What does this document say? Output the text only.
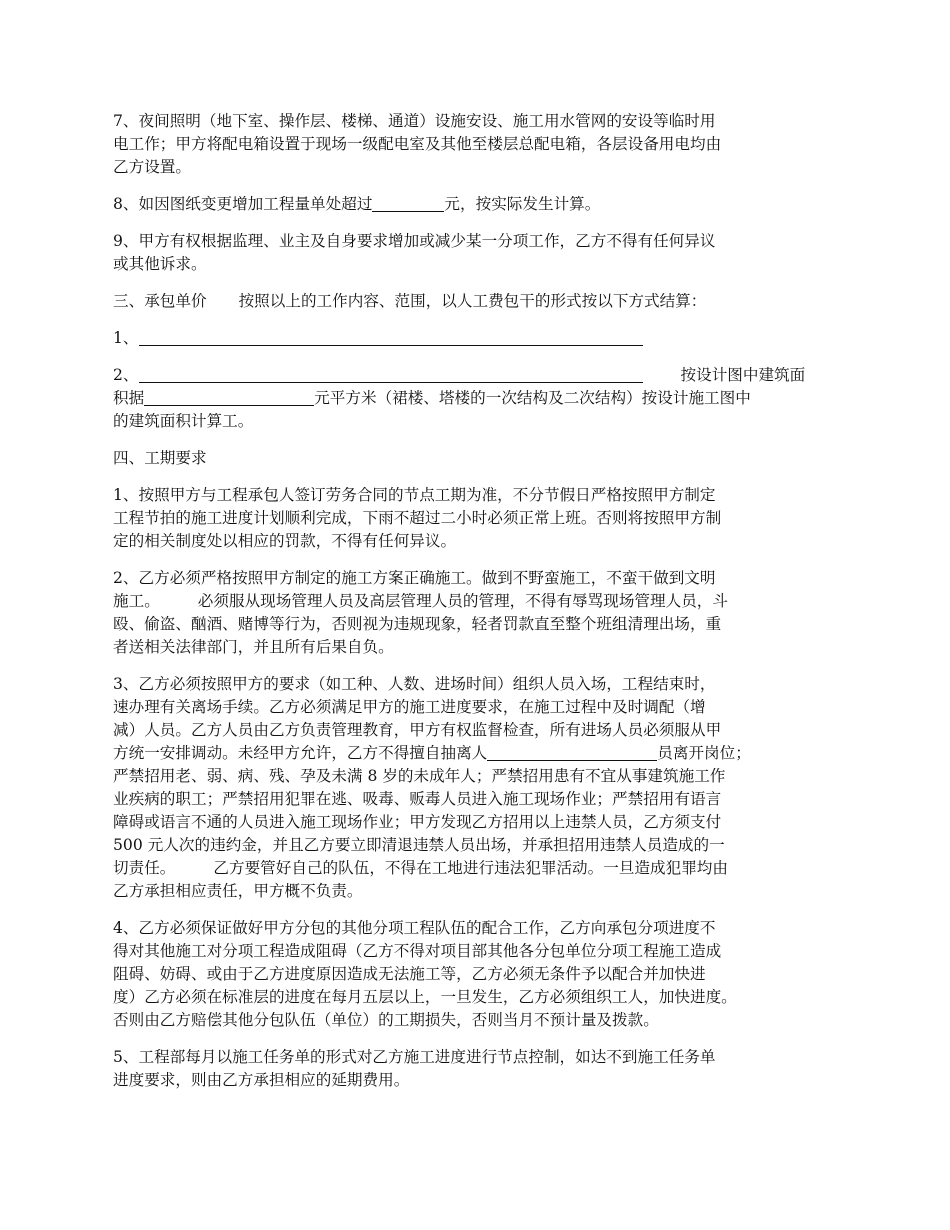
7、夜间照明（地下室、操作层、楼梯、通道）设施安设、施工用水管网的安设等临时用
电工作；甲方将配电箱设置于现场一级配电室及其他至楼层总配电箱，各层设备用电均由
乙方设置。
8、如因图纸变更增加工程量单处超过	元，按实际发生计算。
9、甲方有权根据监理、业主及自身要求增加或减少某一分项工作，乙方不得有任何异议
或其他诉求。
三、承包单价 按照以上的工作内容、范围，以人工费包干的形式按以下方式结算：
1、
2、	按设计图中建筑面
积据	元平方米（裙楼、塔楼的一次结构及二次结构）按设计施工图中
的建筑面积计算工。
四、工期要求
1、按照甲方与工程承包人签订劳务合同的节点工期为准，不分节假日严格按照甲方制定
工程节拍的施工进度计划顺利完成，下雨不超过二小时必须正常上班。否则将按照甲方制
定的相关制度处以相应的罚款，不得有任何异议。
2、乙方必须严格按照甲方制定的施工方案正确施工。做到不野蛮施工，不蛮干做到文明
施工。 必须服从现场管理人员及高层管理人员的管理，不得有辱骂现场管理人员，斗
殴、偷盗、酗酒、赌博等行为，否则视为违规现象，轻者罚款直至整个班组清理出场，重
者送相关法律部门，并且所有后果自负。
3、乙方必须按照甲方的要求（如工种、人数、进场时间）组织人员入场，工程结束时，
速办理有关离场手续。乙方必须满足甲方的施工进度要求，在施工过程中及时调配（增
减）人员。乙方人员由乙方负责管理教育，甲方有权监督检查，所有进场人员必须服从甲
方统一安排调动。未经甲方允许，乙方不得擅自抽离人	员离开岗位；
严禁招用老、弱、病、残、孕及未满 8 岁的未成年人；严禁招用患有不宜从事建筑施工作
业疾病的职工；严禁招用犯罪在逃、吸毒、贩毒人员进入施工现场作业；严禁招用有语言
障碍或语言不通的人员进入施工现场作业；甲方发现乙方招用以上违禁人员，乙方须支付
500 元人次的违约金，并且乙方要立即清退违禁人员出场，并承担招用违禁人员造成的一
切责任。 乙方要管好自己的队伍，不得在工地进行违法犯罪活动。一旦造成犯罪均由
乙方承担相应责任，甲方概不负责。
4、乙方必须保证做好甲方分包的其他分项工程队伍的配合工作，乙方向承包分项进度不
得对其他施工对分项工程造成阻碍（乙方不得对项目部其他各分包单位分项工程施工造成
阻碍、妨碍、或由于乙方进度原因造成无法施工等，乙方必须无条件予以配合并加快进
度）乙方必须在标准层的进度在每月五层以上，一旦发生，乙方必须组织工人，加快进度。
否则由乙方赔偿其他分包队伍（单位）的工期损失，否则当月不预计量及拨款。
5、工程部每月以施工任务单的形式对乙方施工进度进行节点控制，如达不到施工任务单
进度要求，则由乙方承担相应的延期费用。
